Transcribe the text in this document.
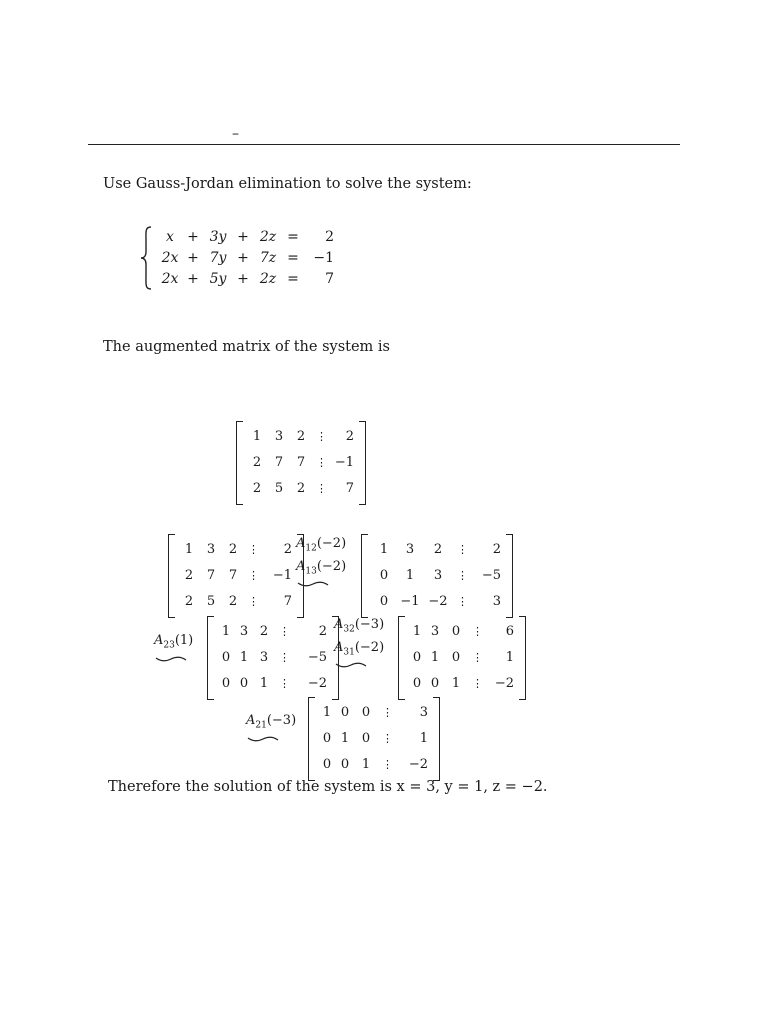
–
Use Gauss-Jordan elimination to solve the system:
x + 3y + 2z =	2
2x + 7y + 7z =	−1
2x + 5y + 2z =	7
The augmented matrix of the system is
1	3	2 ⋮	2
2	7	7 ⋮ −1
2	5	2 ⋮	7
1	3	2 ⋮	2
2	7	7 ⋮	−1
2	5	2 ⋮	7
1	3	2	⋮	2
0	1	3	⋮	−5
0 −1 −2 ⋮	3
1 3 2 ⋮	2
0 1 3 ⋮	−5
0 0 1 ⋮	−2
1 3 0	⋮	6
0 1 0	⋮	1
0 0 1	⋮ −2
1 0 0	⋮	3
0 1 0	⋮	1
0 0 1	⋮	−2
$A_{12}(-2)$
$A_{13}(-2)$
$A_{23}(1)$
$A_{32}(-3)$
$A_{31}(-2)$
$A_{21}(-3)$
Therefore the solution of the system is x = 3, y = 1, z = −2.
